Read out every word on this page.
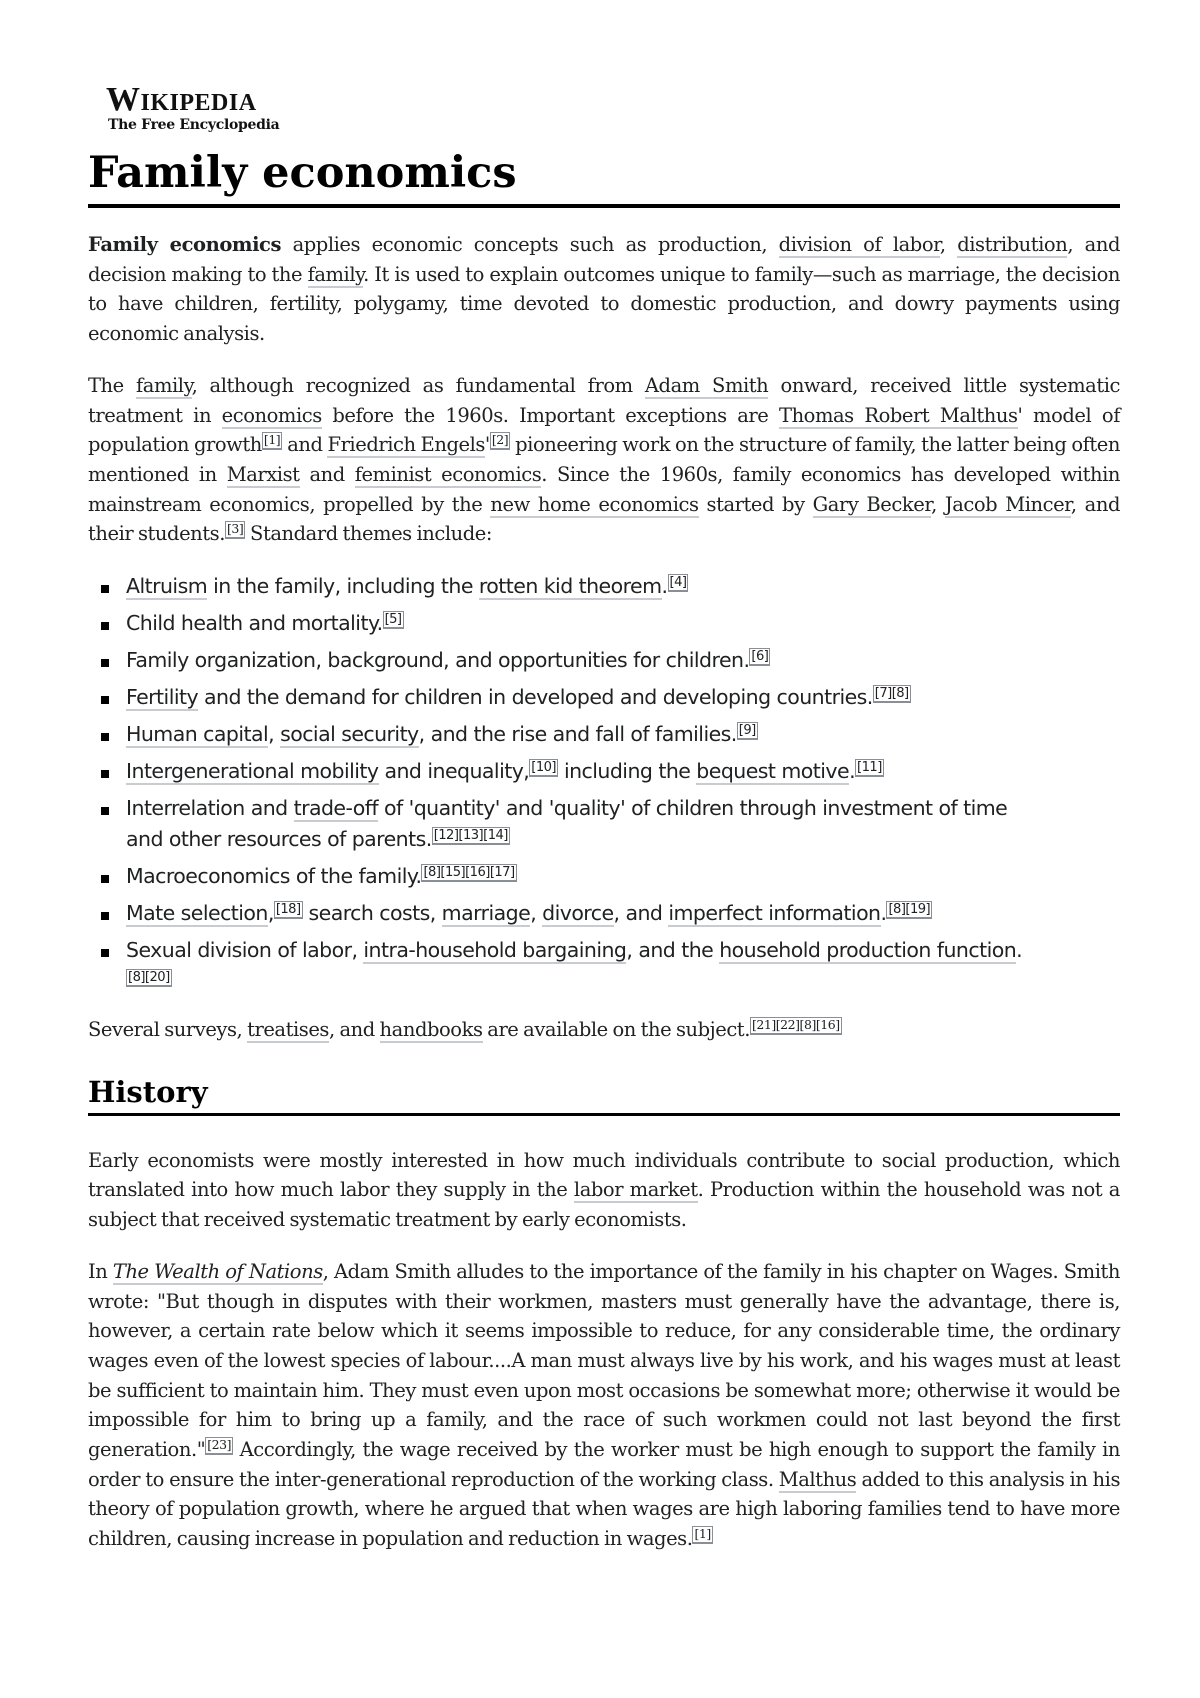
Wikipedia
The Free Encyclopedia
Family economics

Family economics applies economic concepts such as production, division of labor, distribution, and decision making to the family. It is used to explain outcomes unique to family—such as marriage, the decision to have children, fertility, polygamy, time devoted to domestic production, and dowry payments using economic analysis.

The family, although recognized as fundamental from Adam Smith onward, received little systematic treatment in economics before the 1960s. Important exceptions are Thomas Robert Malthus' model of population growth [1] and Friedrich Engels' [2] pioneering work on the structure of family, the latter being often mentioned in Marxist and feminist economics. Since the 1960s, family economics has developed within mainstream economics, propelled by the new home economics started by Gary Becker, Jacob Mincer, and their students. [3] Standard themes include:

Altruism in the family, including the rotten kid theorem. [4]
Child health and mortality. [5]
Family organization, background, and opportunities for children. [6]
Fertility and the demand for children in developed and developing countries. [7][8]
Human capital, social security, and the rise and fall of families. [9]
Intergenerational mobility and inequality, [10] including the bequest motive. [11]
Interrelation and trade-off of 'quantity' and 'quality' of children through investment of time and other resources of parents. [12][13][14]
Macroeconomics of the family. [8][15][16][17]
Mate selection, [18] search costs, marriage, divorce, and imperfect information. [8][19]
Sexual division of labor, intra-household bargaining, and the household production function.[8][20]

Several surveys, treatises, and handbooks are available on the subject. [21][22][8][16]

History

Early economists were mostly interested in how much individuals contribute to social production, which translated into how much labor they supply in the labor market. Production within the household was not a subject that received systematic treatment by early economists.

In The Wealth of Nations, Adam Smith alludes to the importance of the family in his chapter on Wages. Smith wrote: "But though in disputes with their workmen, masters must generally have the advantage, there is, however, a certain rate below which it seems impossible to reduce, for any considerable time, the ordinary wages even of the lowest species of labour....A man must always live by his work, and his wages must at least be sufficient to maintain him. They must even upon most occasions be somewhat more; otherwise it would be impossible for him to bring up a family, and the race of such workmen could not last beyond the first generation." [23] Accordingly, the wage received by the worker must be high enough to support the family in order to ensure the inter-generational reproduction of the working class. Malthus added to this analysis in his theory of population growth, where he argued that when wages are high laboring families tend to have more children, causing increase in population and reduction in wages. [1]
